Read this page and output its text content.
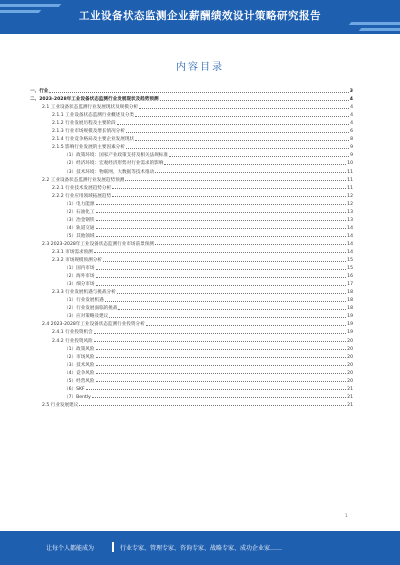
工业设备状态监测企业薪酬绩效设计策略研究报告
内容目录
一、行业	3
二、2023-2028年工业设备状态监测行业发展现状及趋势预测	4
2.1 工业设备状态监测行业发展现状及规模分析	4
2.1.1 工业设备状态监测行业概述及分类	4
2.1.2 行业发展历程及主要阶段	4
2.1.3 行业市场规模及增长情况分析	6
2.1.4 行业竞争格局及主要企业发展现状	8
2.1.5 影响行业发展的主要因素分析	9
（1）政策环境：国家产业政策支持及相关法规标准	9
（2）经济环境：宏观经济形势对行业需求的影响	10
（3）技术环境：物联网、大数据等技术推动	11
2.2 工业设备状态监测行业发展趋势预测	11
2.2.1 行业技术发展趋势分析	11
2.2.2 行业应用领域拓展趋势	12
（1）电力能源	12
（2）石油化工	13
（3）冶金钢铁	13
（4）轨道交通	14
（5）其他领域	14
2.3 2023-2028年工业设备状态监测行业市场前景预测	14
2.3.1 市场需求预测	14
2.3.2 市场规模预测分析	15
（1）国内市场	15
（2）海外市场	16
（3）细分市场	17
2.3.3 行业发展机遇与挑战分析	18
（1）行业发展机遇	18
（2）行业发展面临的挑战	18
（3）应对策略及建议	19
2.4 2023-2028年工业设备状态监测行业投资分析	19
2.4.1 行业投资机会	19
2.4.2 行业投资风险	20
（1）政策风险	20
（2）市场风险	20
（3）技术风险	20
（4）竞争风险	20
（5）经营风险	20
（6）SKF	21
（7）Bently	21
2.5 行业发展建议	21
1
让每个人都能成为	行业专家、管理专家、咨询专家、战略专家、成功企业家……
